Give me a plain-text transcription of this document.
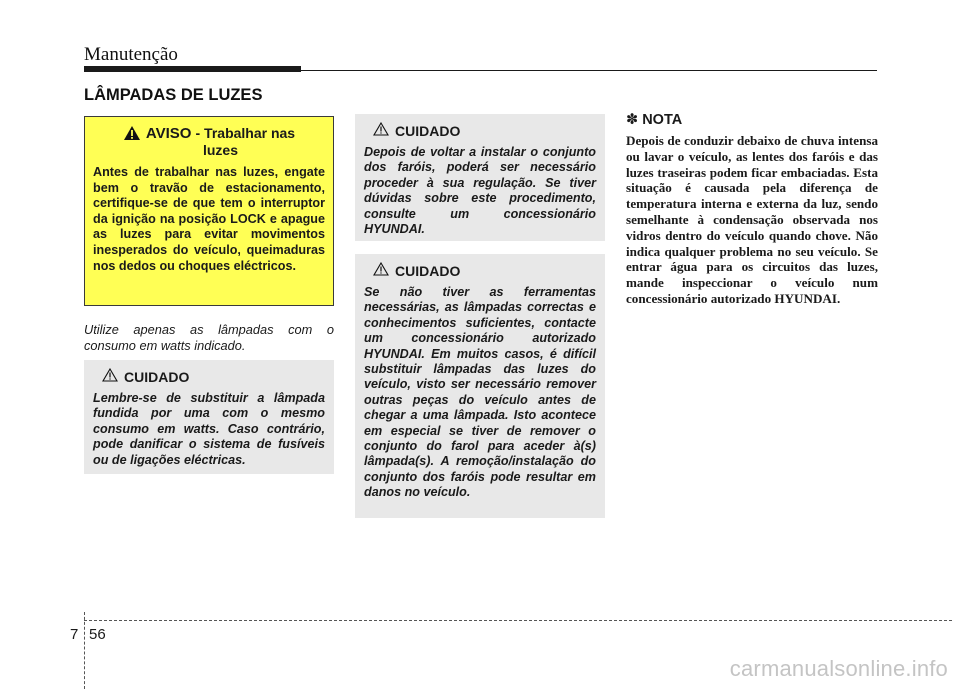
Manutenção
LÂMPADAS DE LUZES
AVISO - Trabalhar nas
luzes
Antes de trabalhar nas luzes, engate bem o travão de estacionamento, certifique-se de que tem o interruptor da ignição na posição LOCK e apague as luzes para evitar movimentos inesperados do veículo, queimaduras nos dedos ou choques eléctricos.
Utilize apenas as lâmpadas com o consumo em watts indicado.
CUIDADO
Lembre-se de substituir a lâmpada fundida por uma com o mesmo consumo em watts. Caso contrário, pode danificar o sistema de fusíveis ou de ligações eléctricas.
CUIDADO
Depois de voltar a instalar o conjunto dos faróis, poderá ser necessário proceder à sua regulação. Se tiver dúvidas sobre este procedimento, consulte um concessionário HYUNDAI.
CUIDADO
Se não tiver as ferramentas necessárias, as lâmpadas correctas e conhecimentos suficientes, contacte um concessionário autorizado HYUNDAI. Em muitos casos, é difícil substituir lâmpadas das luzes do veículo, visto ser necessário remover outras peças do veículo antes de chegar a uma lâmpada. Isto acontece em especial se tiver de remover o conjunto do farol para aceder à(s) lâmpada(s). A remoção/instalação do conjunto dos faróis pode resultar em danos no veículo.
✽ NOTA
Depois de conduzir debaixo de chuva intensa ou lavar o veículo, as lentes dos faróis e das luzes traseiras podem ficar embaciadas. Esta situação é causada pela diferença de temperatura interna e externa da luz, sendo semelhante à condensação observada nos vidros dentro do veículo quando chove. Não indica qualquer problema no seu veículo. Se entrar água para os circuitos das luzes, mande inspeccionar o veículo num concessionário autorizado HYUNDAI.
7 56
carmanualsonline.info
